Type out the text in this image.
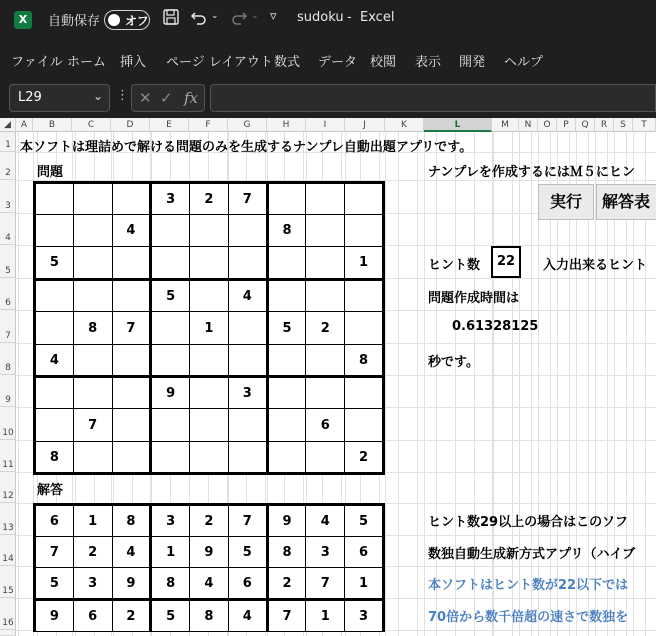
X	自動保存 オフ	⌄	⌄ ▿ sudoku - Excel
ファイル ホーム 挿入 ページ レイアウト 数式 データ 校閲 表示 開発 ヘルプ
L29	⌄ ⋮ ✕ ✓ fx
◢	A	B	C	D	E	F	G	H	I	J	K	L	M	N	O	P	Q	R	S	T
1
2
3
4
5
6
7
8
9
10
11
12
13
14
15
16
本ソフトは理詰めで解ける問題のみを生成するナンプレ自動出題アプリです。
問題	ナンプレを作成するにはＭ５にヒン
実行	解答表
ヒント数	22	入力出来るヒント
問題作成時間は
0.61328125
秒です。
解答
ヒント数29以上の場合はこのソフ
数独自動生成新方式アプリ（ハイブ
本ソフトはヒント数が22以下では
70倍から数千倍超の速さで数独を
			3	2	7			
		4				8		
5								1
			5		4			
	8	7		1		5	2	
4								8
			9		3			
	7						6	
8								2
6	1	8	3	2	7	9	4	5
7	2	4	1	9	5	8	3	6
5	3	9	8	4	6	2	7	1
9	6	2	5	8	4	7	1	3
